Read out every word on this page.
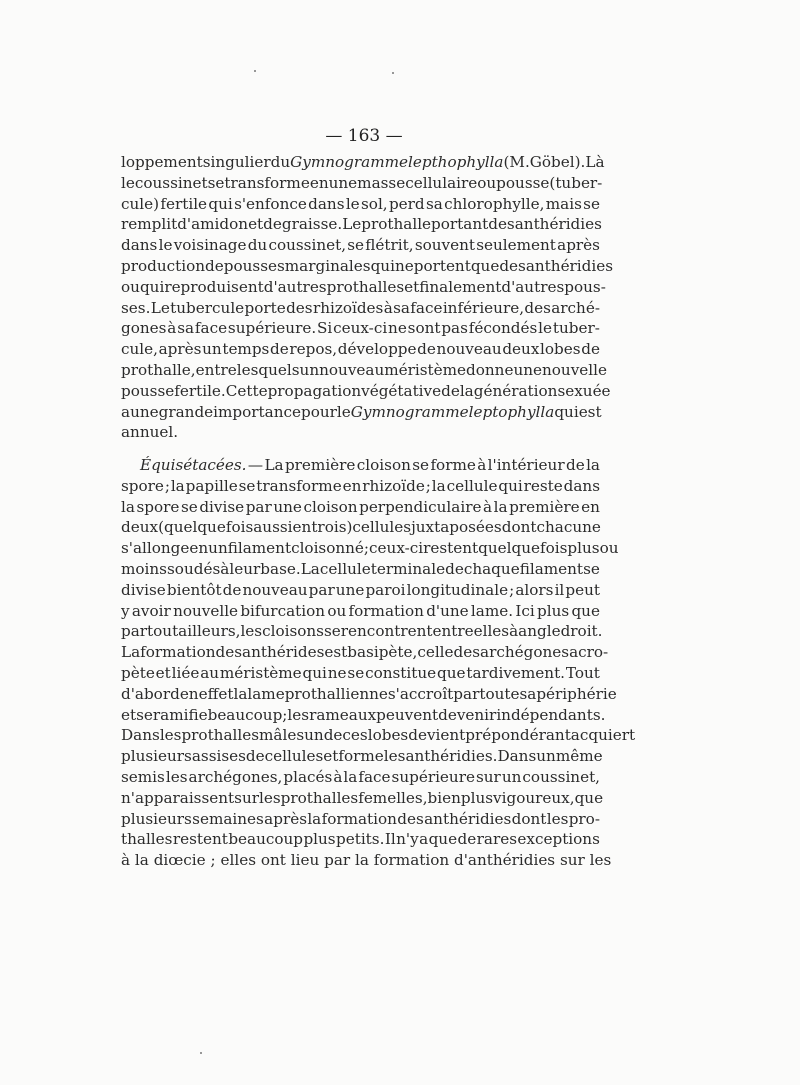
— 163 —
loppement singulier du Gymnogramme lepthophylla (M. Göbel). Là
le coussinet se transforme en une masse cellulaire ou pousse (tuber-
cule) fertile qui s'enfonce dans le sol, perd sa chlorophylle, mais se
remplit d'amidon et de graisse. Le prothalle portant des anthéridies
dans le voisinage du coussinet, se flétrit, souvent seulement après
production de pousses marginales qui ne portent que des anthéridies
ou qui reproduisent d'autres prothalles et finalement d'autres pous-
ses. Le tubercule porte des rhizoïdes à sa face inférieure, des arché-
gones à sa face supérieure. Si ceux-ci ne sont pas fécondés le tuber-
cule, après un temps de repos, développe de nouveau deux lobes de
prothalle, entre lesquels un nouveau méristème donne une nouvelle
pousse fertile. Cette propagation végétative de la génération sexuée
a une grande importance pour le Gymnogramme leptophylla qui est
annuel.
Équisétacées. — La première cloison se forme à l'intérieur de la
spore ; la papille se transforme en rhizoïde ; la cellule qui reste dans
la spore se divise par une cloison perpendiculaire à la première en
deux (quelquefois aussi en trois) cellules juxtaposées dont chacune
s'allonge en un filament cloisonné ; ceux-ci restent quelquefois plus ou
moins soudés à leur base. La cellule terminale de chaque filament se
divise bientôt de nouveau par une paroi longitudinale ; alors il peut
y avoir nouvelle bifurcation ou formation d'une lame. Ici plus que
partout ailleurs, les cloisons se rencontrent entre elles à angle droit.
La formation des anthérides est basipète, celle des archégones acro-
pète et liée au méristème qui ne se constitue que tardivement. Tout
d'abord en effet la lame prothallienne s'accroît par toute sa périphérie
et se ramifie beaucoup ; les rameaux peuvent devenir indépendants.
Dans les prothalles mâles un de ces lobes devient prépondérant acquiert
plusieurs assises de cellules et forme les anthéridies. Dans un même
semis les archégones, placés à la face supérieure sur un coussinet,
n'apparaissent sur les prothalles femelles, bien plus vigoureux, que
plusieurs semaines après la formation des anthéridies dont les pro-
thalles restent beaucoup plus petits. Il n'y a que de rares exceptions
à la diœcie ; elles ont lieu par la formation d'anthéridies sur les
